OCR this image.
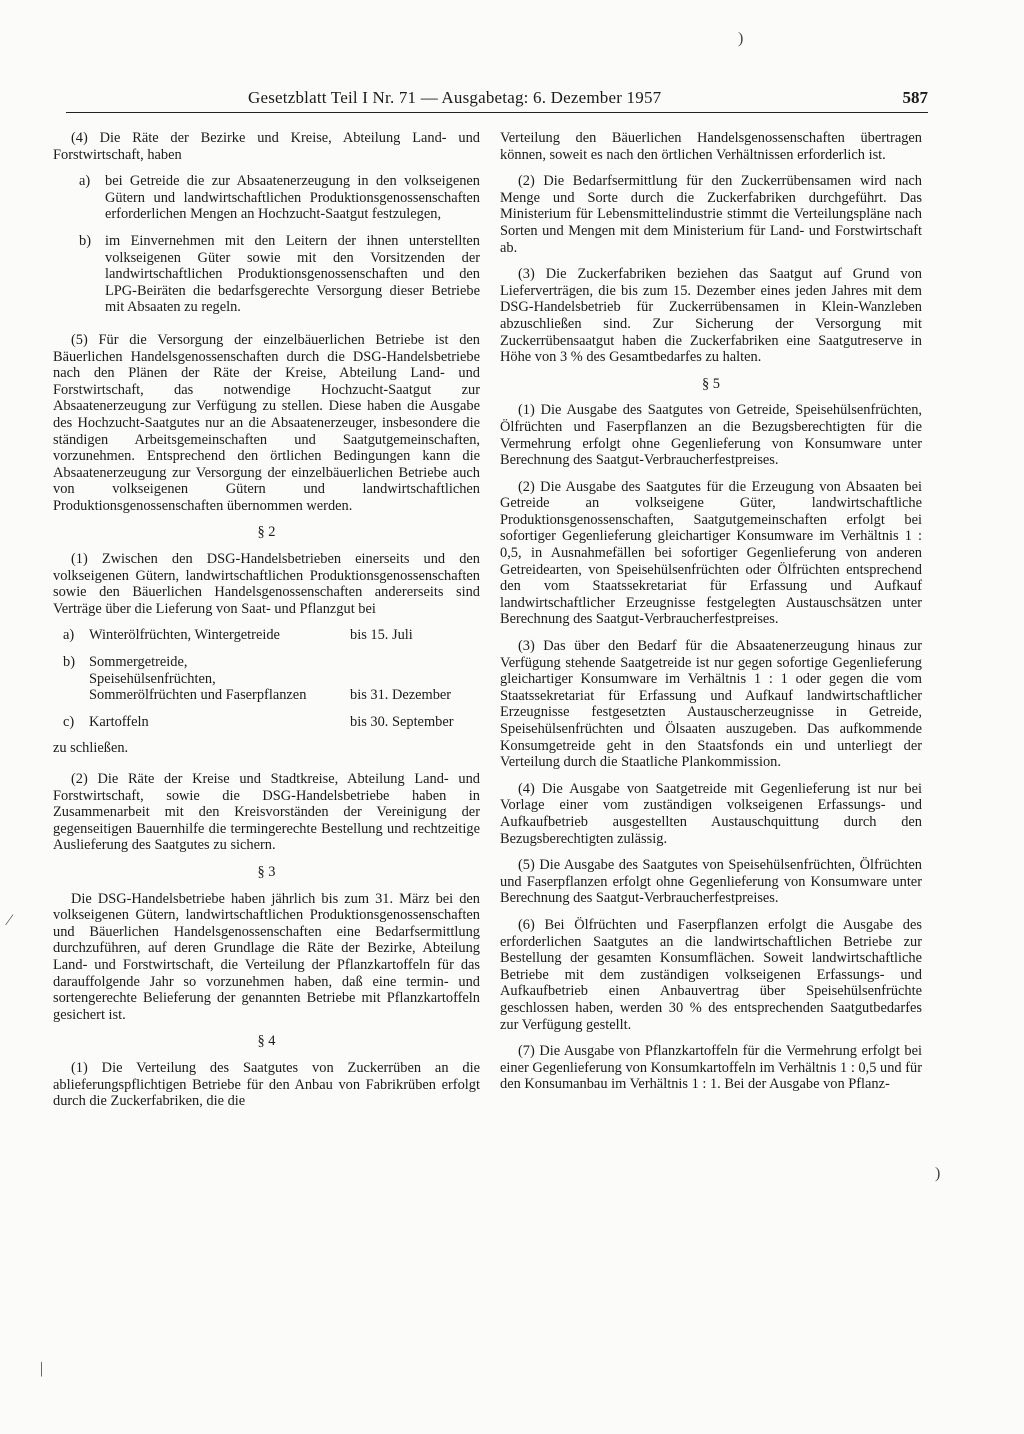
Gesetzblatt Teil I Nr. 71 — Ausgabetag: 6. Dezember 1957	587

(4) Die Räte der Bezirke und Kreise, Abteilung Land- und Forstwirtschaft, haben

a)	bei Getreide die zur Absaatenerzeugung in den volkseigenen Gütern und landwirtschaftlichen Produktionsgenossenschaften erforderlichen Mengen an Hochzucht-Saatgut festzulegen,
b) im Einvernehmen mit den Leitern der ihnen unterstellten volkseigenen Güter sowie mit den Vorsitzenden der landwirtschaftlichen Produktionsgenossenschaften und den LPG-Beiräten die bedarfsgerechte Versorgung dieser Betriebe mit Absaaten zu regeln.

(5) Für die Versorgung der einzelbäuerlichen Betriebe ist den Bäuerlichen Handelsgenossenschaften durch die DSG-Handelsbetriebe nach den Plänen der Räte der Kreise, Abteilung Land- und Forstwirtschaft, das notwendige Hochzucht-Saatgut zur Absaatenerzeugung zur Verfügung zu stellen. Diese haben die Ausgabe des Hochzucht-Saatgutes nur an die Absaatenerzeuger, insbesondere die ständigen Arbeitsgemeinschaften und Saatgutgemeinschaften, vorzunehmen. Entsprechend den örtlichen Bedingungen kann die Absaatenerzeugung zur Versorgung der einzelbäuerlichen Betriebe auch von volkseigenen Gütern und landwirtschaftlichen Produktionsgenossenschaften übernommen werden.

§ 2

(1) Zwischen den DSG-Handelsbetrieben einerseits und den volkseigenen Gütern, landwirtschaftlichen Produktionsgenossenschaften sowie den Bäuerlichen Handelsgenossenschaften andererseits sind Verträge über die Lieferung von Saat- und Pflanzgut bei

a)	Winterölfrüchten, Wintergetreide	bis 15. Juli
b) Sommergetreide, Speisehülsenfrüchten, Sommerölfrüchten und Faserpflanzen	bis 31. Dezember
c)	Kartoffeln	bis 30. September

zu schließen.

(2) Die Räte der Kreise und Stadtkreise, Abteilung Land- und Forstwirtschaft, sowie die DSG-Handelsbetriebe haben in Zusammenarbeit mit den Kreisvorständen der Vereinigung der gegenseitigen Bauernhilfe die termingerechte Bestellung und rechtzeitige Auslieferung des Saatgutes zu sichern.

§ 3

Die DSG-Handelsbetriebe haben jährlich bis zum 31. März bei den volkseigenen Gütern, landwirtschaftlichen Produktionsgenossenschaften und Bäuerlichen Handelsgenossenschaften eine Bedarfsermittlung durchzuführen, auf deren Grundlage die Räte der Bezirke, Abteilung Land- und Forstwirtschaft, die Verteilung der Pflanzkartoffeln für das darauffolgende Jahr so vorzunehmen haben, daß eine termin- und sortengerechte Belieferung der genannten Betriebe mit Pflanzkartoffeln gesichert ist.

§ 4

(1) Die Verteilung des Saatgutes von Zuckerrüben an die ablieferungspflichtigen Betriebe für den Anbau von Fabrikrüben erfolgt durch die Zuckerfabriken, die die

Verteilung den Bäuerlichen Handelsgenossenschaften übertragen können, soweit es nach den örtlichen Verhältnissen erforderlich ist.

(2) Die Bedarfsermittlung für den Zuckerrübensamen wird nach Menge und Sorte durch die Zuckerfabriken durchgeführt. Das Ministerium für Lebensmittelindustrie stimmt die Verteilungspläne nach Sorten und Mengen mit dem Ministerium für Land- und Forstwirtschaft ab.

(3) Die Zuckerfabriken beziehen das Saatgut auf Grund von Lieferverträgen, die bis zum 15. Dezember eines jeden Jahres mit dem DSG-Handelsbetrieb für Zuckerrübensamen in Klein-Wanzleben abzuschließen sind. Zur Sicherung der Versorgung mit Zuckerrübensaatgut haben die Zuckerfabriken eine Saatgutreserve in Höhe von 3 % des Gesamtbedarfes zu halten.

§ 5

(1) Die Ausgabe des Saatgutes von Getreide, Speisehülsenfrüchten, Ölfrüchten und Faserpflanzen an die Bezugsberechtigten für die Vermehrung erfolgt ohne Gegenlieferung von Konsumware unter Berechnung des Saatgut-Verbraucherfestpreises.

(2) Die Ausgabe des Saatgutes für die Erzeugung von Absaaten bei Getreide an volkseigene Güter, landwirtschaftliche Produktionsgenossenschaften, Saatgutgemeinschaften erfolgt bei sofortiger Gegenlieferung gleichartiger Konsumware im Verhältnis 1 : 0,5, in Ausnahmefällen bei sofortiger Gegenlieferung von anderen Getreidearten, von Speisehülsenfrüchten oder Ölfrüchten entsprechend den vom Staatssekretariat für Erfassung und Aufkauf landwirtschaftlicher Erzeugnisse festgelegten Austauschsätzen unter Berechnung des Saatgut-Verbraucherfestpreises.

(3) Das über den Bedarf für die Absaatenerzeugung hinaus zur Verfügung stehende Saatgetreide ist nur gegen sofortige Gegenlieferung gleichartiger Konsumware im Verhältnis 1 : 1 oder gegen die vom Staatssekretariat für Erfassung und Aufkauf landwirtschaftlicher Erzeugnisse festgesetzten Austauscherzeugnisse in Getreide, Speisehülsenfrüchten und Ölsaaten auszugeben. Das aufkommende Konsumgetreide geht in den Staatsfonds ein und unterliegt der Verteilung durch die Staatliche Plankommission.

(4) Die Ausgabe von Saatgetreide mit Gegenlieferung ist nur bei Vorlage einer vom zuständigen volkseigenen Erfassungs- und Aufkaufbetrieb ausgestellten Austauschquittung durch den Bezugsberechtigten zulässig.

(5) Die Ausgabe des Saatgutes von Speisehülsenfrüchten, Ölfrüchten und Faserpflanzen erfolgt ohne Gegenlieferung von Konsumware unter Berechnung des Saatgut-Verbraucherfestpreises.

(6) Bei Ölfrüchten und Faserpflanzen erfolgt die Ausgabe des erforderlichen Saatgutes an die landwirtschaftlichen Betriebe zur Bestellung der gesamten Konsumflächen. Soweit landwirtschaftliche Betriebe mit dem zuständigen volkseigenen Erfassungs- und Aufkaufbetrieb einen Anbauvertrag über Speisehülsenfrüchte geschlossen haben, werden 30 % des entsprechenden Saatgutbedarfes zur Verfügung gestellt.

(7) Die Ausgabe von Pflanzkartoffeln für die Vermehrung erfolgt bei einer Gegenlieferung von Konsumkartoffeln im Verhältnis 1 : 0,5 und für den Konsumanbau im Verhältnis 1 : 1. Bei der Ausgabe von Pflanz-

⁄
)
|
)
